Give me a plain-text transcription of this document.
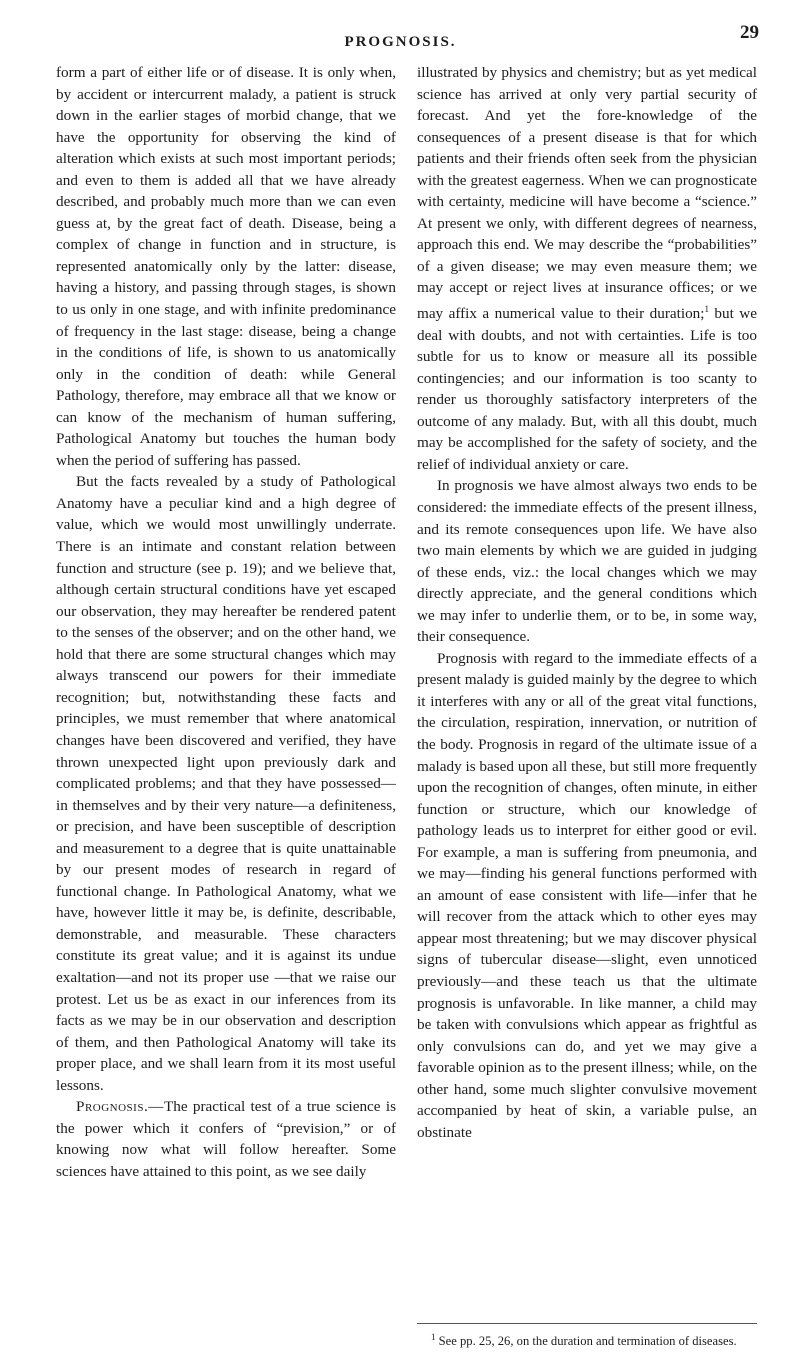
PROGNOSIS.	29

form a part of either life or of disease. It is only when, by accident or intercurrent malady, a patient is struck down in the earlier stages of morbid change, that we have the opportunity for observing the kind of alteration which exists at such most important periods; and even to them is added all that we have already described, and probably much more than we can even guess at, by the great fact of death. Disease, being a complex of change in function and in structure, is represented anatomically only by the latter: disease, having a history, and passing through stages, is shown to us only in one stage, and with infinite predominance of frequency in the last stage: disease, being a change in the conditions of life, is shown to us anatomically only in the condition of death: while General Pathology, therefore, may embrace all that we know or can know of the mechanism of human suffering, Pathological Anatomy but touches the human body when the period of suffering has passed.

But the facts revealed by a study of Pathological Anatomy have a peculiar kind and a high degree of value, which we would most unwillingly underrate. There is an intimate and constant relation between function and structure (see p. 19); and we believe that, although certain structural conditions have yet escaped our observation, they may hereafter be rendered patent to the senses of the observer; and on the other hand, we hold that there are some structural changes which may always transcend our powers for their immediate recognition; but, notwithstanding these facts and principles, we must remember that where anatomical changes have been discovered and verified, they have thrown unexpected light upon previously dark and complicated problems; and that they have possessed—in themselves and by their very nature—a definiteness, or precision, and have been susceptible of description and measurement to a degree that is quite unattainable by our present modes of research in regard of functional change. In Pathological Anatomy, what we have, however little it may be, is definite, describable, demonstrable, and measurable. These characters constitute its great value; and it is against its undue exaltation—and not its proper use —that we raise our protest. Let us be as exact in our inferences from its facts as we may be in our observation and description of them, and then Pathological Anatomy will take its proper place, and we shall learn from it its most useful lessons.

Prognosis.—The practical test of a true science is the power which it confers of “prevision,” or of knowing now what will follow hereafter. Some sciences have attained to this point, as we see daily

illustrated by physics and chemistry; but as yet medical science has arrived at only very partial security of forecast. And yet the fore-knowledge of the consequences of a present disease is that for which patients and their friends often seek from the physician with the greatest eagerness. When we can prognosticate with certainty, medicine will have become a “science.” At present we only, with different degrees of nearness, approach this end. We may describe the “probabilities” of a given disease; we may even measure them; we may accept or reject lives at insurance offices; or we may affix a numerical value to their duration;$^1$ but we deal with doubts, and not with certainties. Life is too subtle for us to know or measure all its possible contingencies; and our information is too scanty to render us thoroughly satisfactory interpreters of the outcome of any malady. But, with all this doubt, much may be accomplished for the safety of society, and the relief of individual anxiety or care.

In prognosis we have almost always two ends to be considered: the immediate effects of the present illness, and its remote consequences upon life. We have also two main elements by which we are guided in judging of these ends, viz.: the local changes which we may directly appreciate, and the general conditions which we may infer to underlie them, or to be, in some way, their consequence.

Prognosis with regard to the immediate effects of a present malady is guided mainly by the degree to which it interferes with any or all of the great vital functions, the circulation, respiration, innervation, or nutrition of the body. Prognosis in regard of the ultimate issue of a malady is based upon all these, but still more frequently upon the recognition of changes, often minute, in either function or structure, which our knowledge of pathology leads us to interpret for either good or evil. For example, a man is suffering from pneumonia, and we may—finding his general functions performed with an amount of ease consistent with life—infer that he will recover from the attack which to other eyes may appear most threatening; but we may discover physical signs of tubercular disease—slight, even unnoticed previously—and these teach us that the ultimate prognosis is unfavorable. In like manner, a child may be taken with convulsions which appear as frightful as only convulsions can do, and yet we may give a favorable opinion as to the present illness; while, on the other hand, some much slighter convulsive movement accompanied by heat of skin, a variable pulse, an obstinate

$^1$ See pp. 25, 26, on the duration and termination of diseases.
